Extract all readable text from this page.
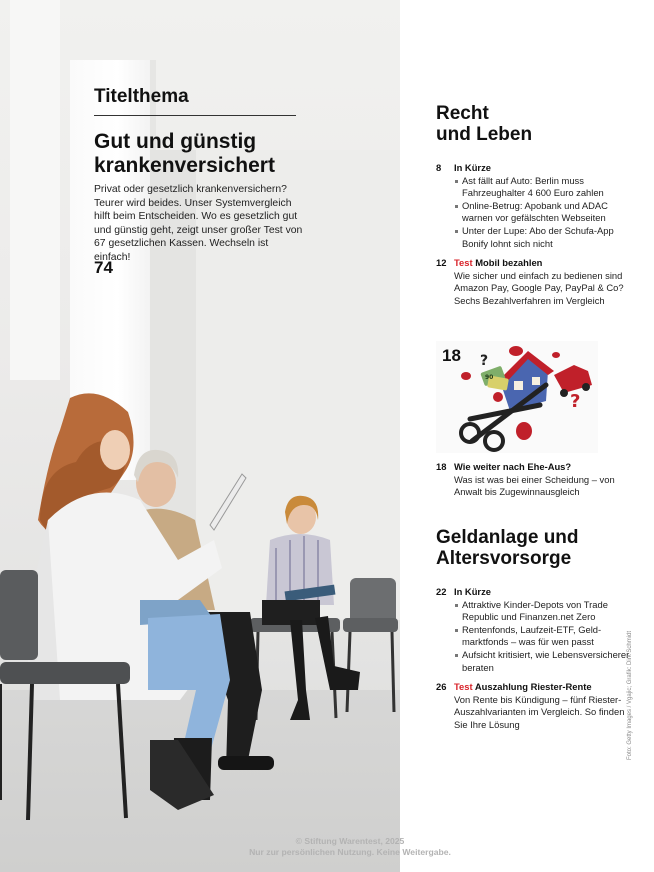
Titelthema
Gut und günstig krankenversichert
Privat oder gesetzlich krankenversichern? Teurer wird beides. Unser Systemvergleich hilft beim Entscheiden. Wo es gesetzlich gut und günstig geht, zeigt unser großer Test von 67 gesetzlichen Kassen. Wechseln ist einfach!
74
Recht
und Leben
8	In Kürze
Ast fällt auf Auto: Berlin muss Fahrzeughalter 4 600 Euro zahlen
Online-Betrug: Apobank und ADAC warnen vor gefälschten Webseiten
Unter der Lupe: Abo der Schufa-App Bonify lohnt sich nicht
12 Test Mobil bezahlen
Wie sicher und einfach zu bedienen sind Amazon Pay, Google Pay, PayPal & Co? Sechs Bezahlverfahren im Vergleich
?
?
90
18
18 Wie weiter nach Ehe-Aus?
Was ist was bei einer Scheidung – von Anwalt bis Zugewinnausgleich
Geldanlage und
Altersvorsorge
22 In Kürze
Attraktive Kinder-Depots von Trade Republic und Finanzen.net Zero
Rentenfonds, Laufzeit-ETF, Geldmarktfonds – was für wen passt
Aufsicht kritisiert, wie Lebensversicherer beraten
26 Test Auszahlung Riester-Rente
Von Rente bis Kündigung – fünf Riester-Auszahlvarianten im Vergleich. So finden Sie Ihre Lösung	Foto: Getty Images / Vgajic; Grafik: Dirk Schmidt
© Stiftung Warentest, 2025
Nur zur persönlichen Nutzung. Keine Weitergabe.
